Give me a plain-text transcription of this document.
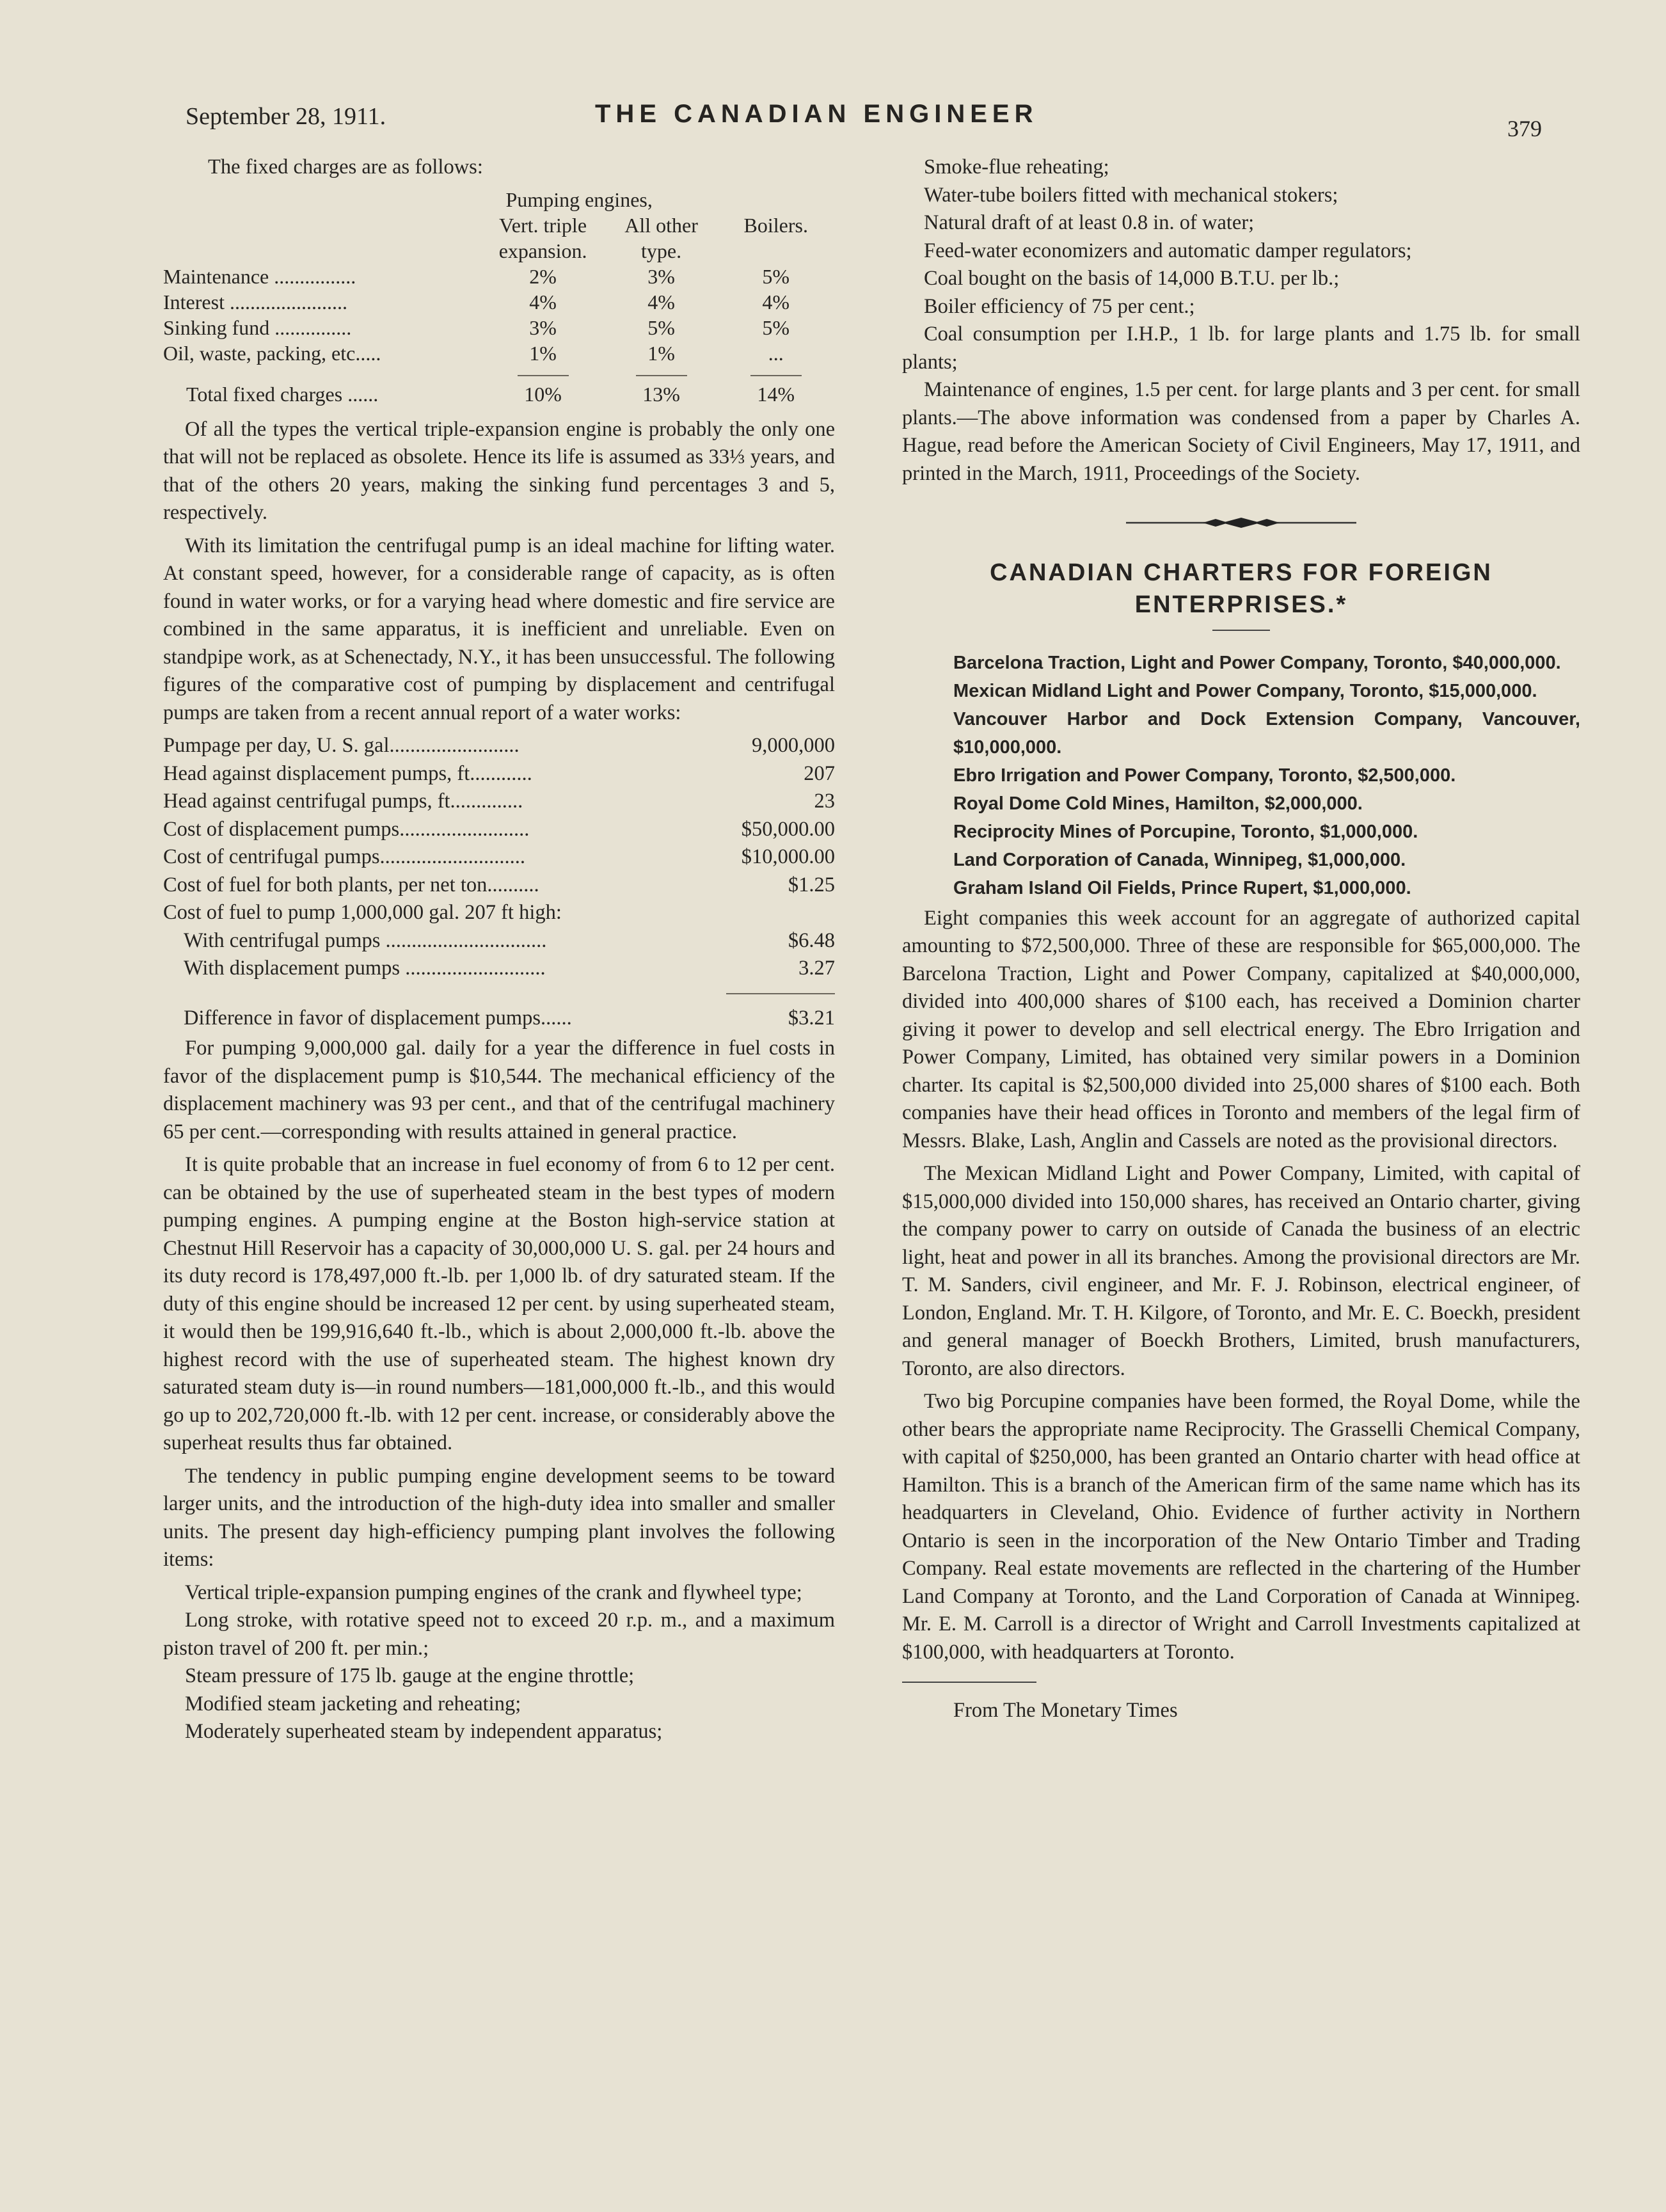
September 28, 1911.	THE CANADIAN ENGINEER
379

The fixed charges are as follows:

	Pumping engines,		
	Vert. triple	All other	Boilers.
	expansion.	type.	
Maintenance ................	2%	3%	5%
Interest .......................	4%	4%	4%
Sinking fund ...............	3%	5%	5%
Oil, waste, packing, etc.....	1%	1%	...

Total fixed charges ......	10%	13%	14%

Of all the types the vertical triple-expansion engine is probably the only one that will not be replaced as obsolete. Hence its life is assumed as 33⅓ years, and that of the others 20 years, making the sinking fund percentages 3 and 5, respectively.

With its limitation the centrifugal pump is an ideal machine for lifting water. At constant speed, however, for a considerable range of capacity, as is often found in water works, or for a varying head where domestic and fire service are combined in the same apparatus, it is inefficient and unreliable. Even on standpipe work, as at Schenectady, N.Y., it has been unsuccessful. The following figures of the comparative cost of pumping by displacement and centrifugal pumps are taken from a recent annual report of a water works:

Pumpage per day, U. S. gal.........................	9,000,000
Head against displacement pumps, ft............	207
Head against centrifugal pumps, ft..............	23
Cost of displacement pumps.........................	$50,000.00
Cost of centrifugal pumps............................	$10,000.00
Cost of fuel for both plants, per net ton..........	$1.25
Cost of fuel to pump 1,000,000 gal. 207 ft high:
With centrifugal pumps ...............................	$6.48
With displacement pumps ...........................	3.27
Difference in favor of displacement pumps......	$3.21

For pumping 9,000,000 gal. daily for a year the difference in fuel costs in favor of the displacement pump is $10,544. The mechanical efficiency of the displacement machinery was 93 per cent., and that of the centrifugal machinery 65 per cent.—corresponding with results attained in general practice.

It is quite probable that an increase in fuel economy of from 6 to 12 per cent. can be obtained by the use of superheated steam in the best types of modern pumping engines. A pumping engine at the Boston high-service station at Chestnut Hill Reservoir has a capacity of 30,000,000 U. S. gal. per 24 hours and its duty record is 178,497,000 ft.-lb. per 1,000 lb. of dry saturated steam. If the duty of this engine should be increased 12 per cent. by using superheated steam, it would then be 199,916,640 ft.-lb., which is about 2,000,000 ft.-lb. above the highest record with the use of superheated steam. The highest known dry saturated steam duty is—in round numbers—181,000,000 ft.-lb., and this would go up to 202,720,000 ft.-lb. with 12 per cent. increase, or considerably above the superheat results thus far obtained.

The tendency in public pumping engine development seems to be toward larger units, and the introduction of the high-duty idea into smaller and smaller units. The present day high-efficiency pumping plant involves the following items:

Vertical triple-expansion pumping engines of the crank and flywheel type;

Long stroke, with rotative speed not to exceed 20 r.p. m., and a maximum piston travel of 200 ft. per min.;

Steam pressure of 175 lb. gauge at the engine throttle;

Modified steam jacketing and reheating;

Moderately superheated steam by independent apparatus;

Smoke-flue reheating;

Water-tube boilers fitted with mechanical stokers;

Natural draft of at least 0.8 in. of water;

Feed-water economizers and automatic damper regulators;

Coal bought on the basis of 14,000 B.T.U. per lb.;

Boiler efficiency of 75 per cent.;

Coal consumption per I.H.P., 1 lb. for large plants and 1.75 lb. for small plants;

Maintenance of engines, 1.5 per cent. for large plants and 3 per cent. for small plants.—The above information was condensed from a paper by Charles A. Hague, read before the American Society of Civil Engineers, May 17, 1911, and printed in the March, 1911, Proceedings of the Society.

CANADIAN CHARTERS FOR FOREIGN
ENTERPRISES.*

Barcelona Traction, Light and Power Company, Toronto, $40,000,000.

Mexican Midland Light and Power Company, Toronto, $15,000,000.

Vancouver Harbor and Dock Extension Company, Vancouver, $10,000,000.

Ebro Irrigation and Power Company, Toronto, $2,500,000.

Royal Dome Cold Mines, Hamilton, $2,000,000.

Reciprocity Mines of Porcupine, Toronto, $1,000,000.

Land Corporation of Canada, Winnipeg, $1,000,000.

Graham Island Oil Fields, Prince Rupert, $1,000,000.

Eight companies this week account for an aggregate of authorized capital amounting to $72,500,000. Three of these are responsible for $65,000,000. The Barcelona Traction, Light and Power Company, capitalized at $40,000,000, divided into 400,000 shares of $100 each, has received a Dominion charter giving it power to develop and sell electrical energy. The Ebro Irrigation and Power Company, Limited, has obtained very similar powers in a Dominion charter. Its capital is $2,500,000 divided into 25,000 shares of $100 each. Both companies have their head offices in Toronto and members of the legal firm of Messrs. Blake, Lash, Anglin and Cassels are noted as the provisional directors.

The Mexican Midland Light and Power Company, Limited, with capital of $15,000,000 divided into 150,000 shares, has received an Ontario charter, giving the company power to carry on outside of Canada the business of an electric light, heat and power in all its branches. Among the provisional directors are Mr. T. M. Sanders, civil engineer, and Mr. F. J. Robinson, electrical engineer, of London, England. Mr. T. H. Kilgore, of Toronto, and Mr. E. C. Boeckh, president and general manager of Boeckh Brothers, Limited, brush manufacturers, Toronto, are also directors.

Two big Porcupine companies have been formed, the Royal Dome, while the other bears the appropriate name Reciprocity. The Grasselli Chemical Company, with capital of $250,000, has been granted an Ontario charter with head office at Hamilton. This is a branch of the American firm of the same name which has its headquarters in Cleveland, Ohio. Evidence of further activity in Northern Ontario is seen in the incorporation of the New Ontario Timber and Trading Company. Real estate movements are reflected in the chartering of the Humber Land Company at Toronto, and the Land Corporation of Canada at Winnipeg. Mr. E. M. Carroll is a director of Wright and Carroll Investments capitalized at $100,000, with headquarters at Toronto.

From The Monetary Times
